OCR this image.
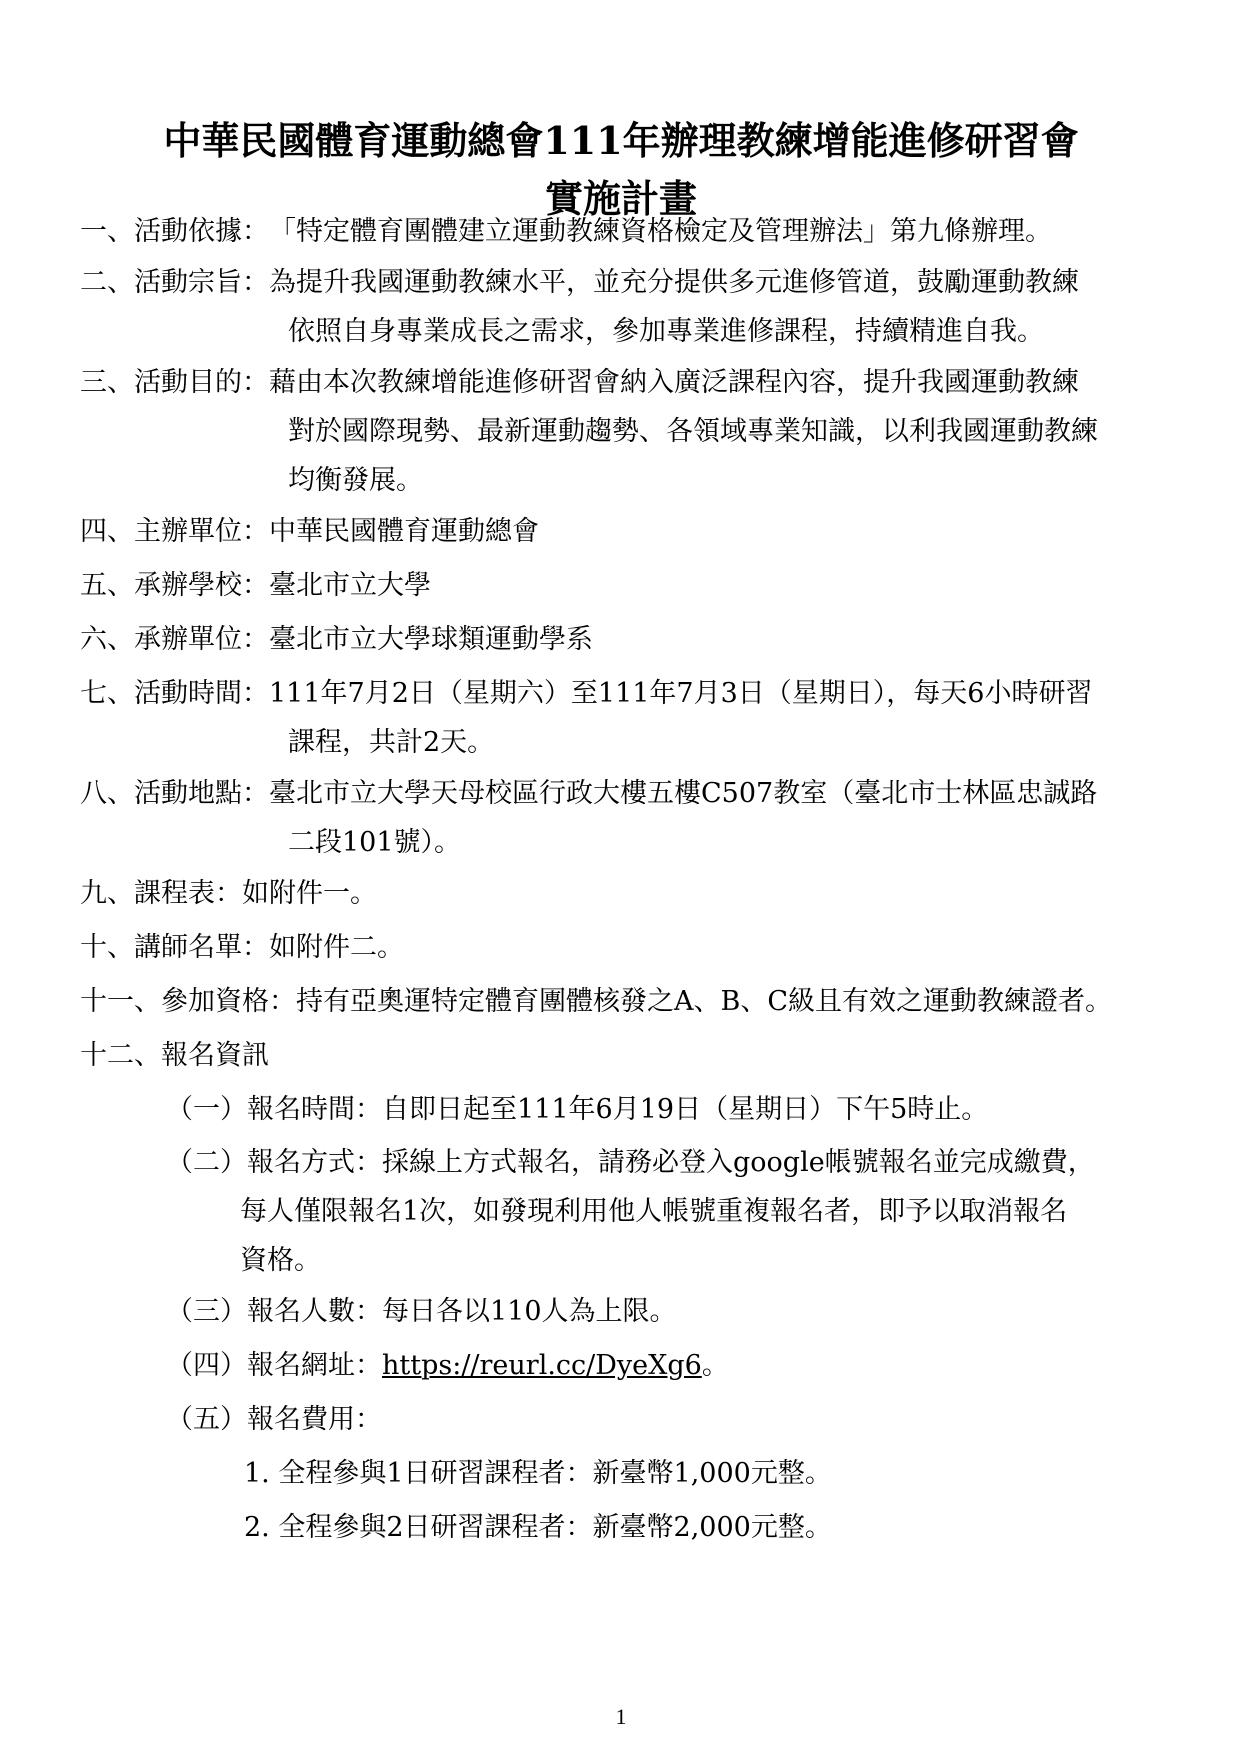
中華民國體育運動總會111年辦理教練增能進修研習會
實施計畫
一、活動依據：「特定體育團體建立運動教練資格檢定及管理辦法」第九條辦理。
二、活動宗旨：為提升我國運動教練水平，並充分提供多元進修管道，鼓勵運動教練
依照自身專業成長之需求，參加專業進修課程，持續精進自我。
三、活動目的：藉由本次教練增能進修研習會納入廣泛課程內容，提升我國運動教練
對於國際現勢、最新運動趨勢、各領域專業知識，以利我國運動教練
均衡發展。
四、主辦單位：中華民國體育運動總會
五、承辦學校：臺北市立大學
六、承辦單位：臺北市立大學球類運動學系
七、活動時間：111年7月2日（星期六）至111年7月3日（星期日），每天6小時研習
課程，共計2天。
八、活動地點：臺北市立大學天母校區行政大樓五樓C507教室（臺北市士林區忠誠路
二段101號）。
九、課程表：如附件一。
十、講師名單：如附件二。
十一、參加資格：持有亞奧運特定體育團體核發之A、B、C級且有效之運動教練證者。
十二、報名資訊
（一）報名時間：自即日起至111年6月19日（星期日）下午5時止。
（二）報名方式：採線上方式報名，請務必登入google帳號報名並完成繳費，
每人僅限報名1次，如發現利用他人帳號重複報名者，即予以取消報名
資格。
（三）報名人數：每日各以110人為上限。
（四）報名網址：https://reurl.cc/DyeXg6。
（五）報名費用：
1. 全程參與1日研習課程者：新臺幣1,000元整。
2. 全程參與2日研習課程者：新臺幣2,000元整。
1
